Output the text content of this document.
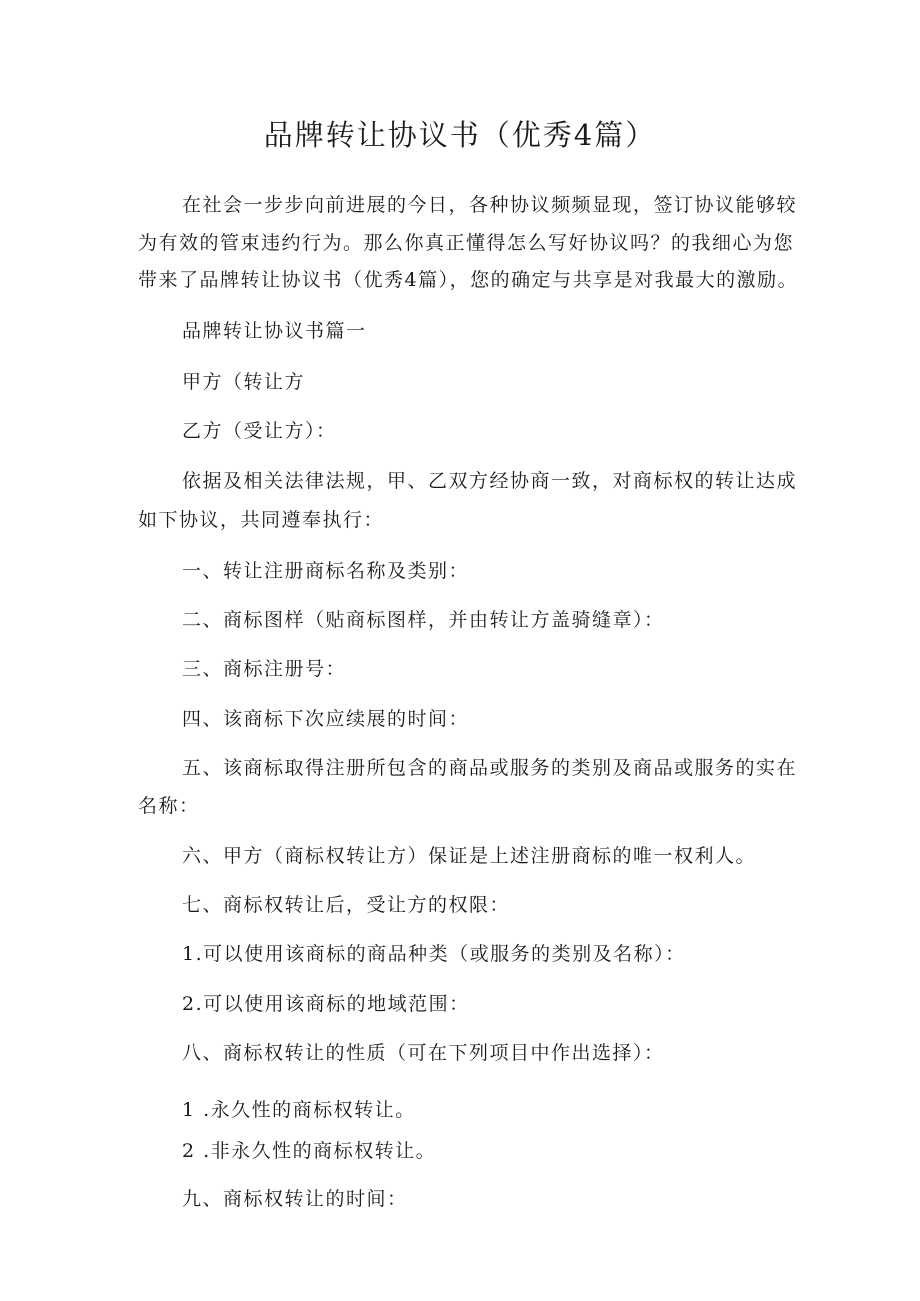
品牌转让协议书（优秀4篇）
在社会一步步向前进展的今日，各种协议频频显现，签订协议能够较
为有效的管束违约行为。那么你真正懂得怎么写好协议吗？的我细心为您
带来了品牌转让协议书（优秀4篇），您的确定与共享是对我最大的激励。
品牌转让协议书篇一
甲方（转让方
乙方（受让方）：
依据及相关法律法规，甲、乙双方经协商一致，对商标权的转让达成
如下协议，共同遵奉执行：
一、转让注册商标名称及类别：
二、商标图样（贴商标图样，并由转让方盖骑缝章）：
三、商标注册号：
四、该商标下次应续展的时间：
五、该商标取得注册所包含的商品或服务的类别及商品或服务的实在
名称：
六、甲方（商标权转让方）保证是上述注册商标的唯一权利人。
七、商标权转让后，受让方的权限：
1.可以使用该商标的商品种类（或服务的类别及名称）：
2.可以使用该商标的地域范围：
八、商标权转让的性质（可在下列项目中作出选择）：
1 .永久性的商标权转让。
2 .非永久性的商标权转让。
九、商标权转让的时间：
